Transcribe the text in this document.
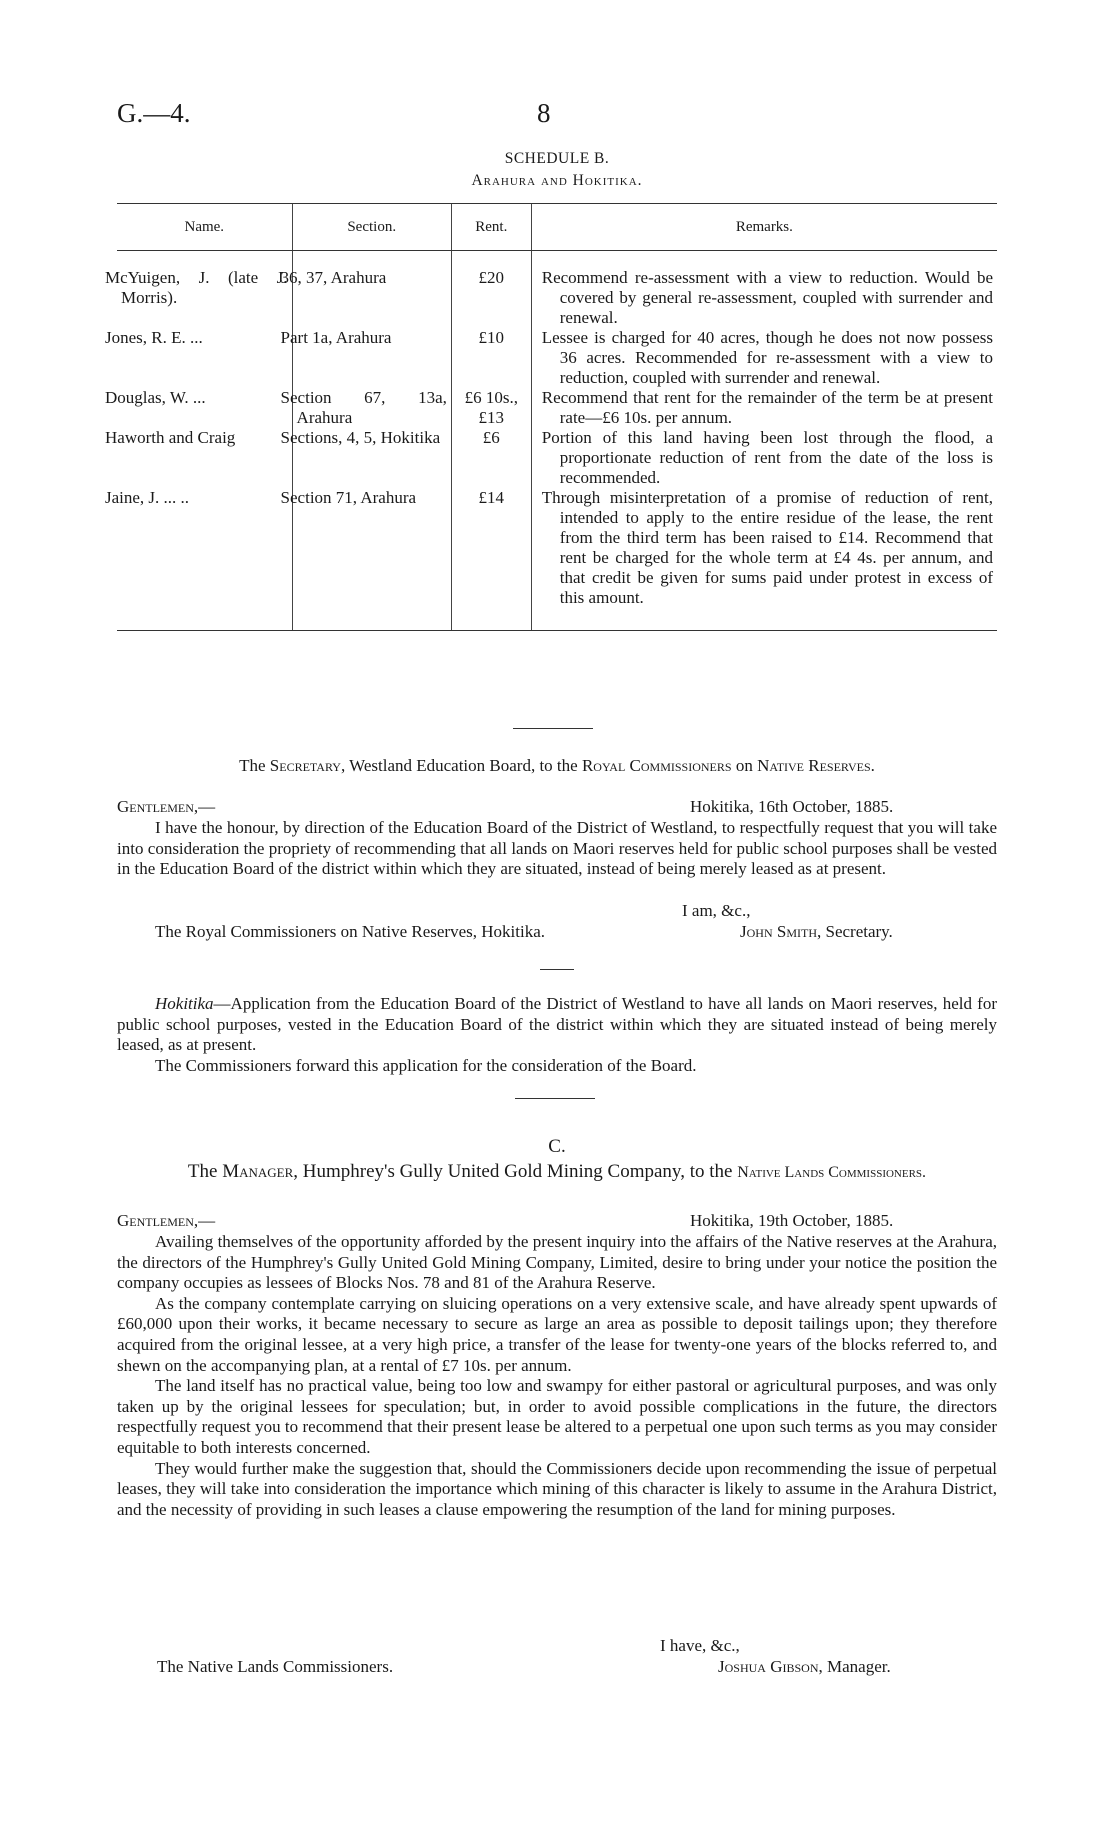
G.—4.	8
SCHEDULE B.
Arahura and Hokitika.
Name.	Section.	Rent.	Remarks.
McYuigen, J. (late J. Morris).	36, 37, Arahura	£20	Recommend re-assessment with a view to reduction. Would be covered by general re-assessment, coupled with surrender and renewal.
Jones, R. E. ...	Part 1a, Arahura	£10	Lessee is charged for 40 acres, though he does not now possess 36 acres. Recommended for re-assessment with a view to reduction, coupled with surrender and renewal.
Douglas, W. ...	Section 67, 13a, Arahura	£6 10s., £13	Recommend that rent for the remainder of the term be at present rate—£6 10s. per annum.
Haworth and Craig	Sections, 4, 5, Hokitika	£6	Portion of this land having been lost through the flood, a proportionate reduction of rent from the date of the loss is recommended.
Jaine, J. ... ..	Section 71, Arahura	£14	Through misinterpretation of a promise of reduction of rent, intended to apply to the entire residue of the lease, the rent from the third term has been raised to £14. Recommend that rent be charged for the whole term at £4 4s. per annum, and that credit be given for sums paid under protest in excess of this amount.
The Secretary, Westland Education Board, to the Royal Commissioners on Native Reserves.
Gentlemen,—	Hokitika, 16th October, 1885.

I have the honour, by direction of the Education Board of the District of Westland, to respectfully request that you will take into consideration the propriety of recommending that all lands on Maori reserves held for public school purposes shall be vested in the Education Board of the district within which they are situated, instead of being merely leased as at present.

I am, &c.,
The Royal Commissioners on Native Reserves, Hokitika.	John Smith, Secretary.

Hokitika—Application from the Education Board of the District of Westland to have all lands on Maori reserves, held for public school purposes, vested in the Education Board of the district within which they are situated instead of being merely leased, as at present.

The Commissioners forward this application for the consideration of the Board.

C.
The Manager, Humphrey's Gully United Gold Mining Company, to the Native Lands Commissioners.
Gentlemen,—	Hokitika, 19th October, 1885.

Availing themselves of the opportunity afforded by the present inquiry into the affairs of the Native reserves at the Arahura, the directors of the Humphrey's Gully United Gold Mining Company, Limited, desire to bring under your notice the position the company occupies as lessees of Blocks Nos. 78 and 81 of the Arahura Reserve.

As the company contemplate carrying on sluicing operations on a very extensive scale, and have already spent upwards of £60,000 upon their works, it became necessary to secure as large an area as possible to deposit tailings upon; they therefore acquired from the original lessee, at a very high price, a transfer of the lease for twenty-one years of the blocks referred to, and shewn on the accompanying plan, at a rental of £7 10s. per annum.

The land itself has no practical value, being too low and swampy for either pastoral or agricultural purposes, and was only taken up by the original lessees for speculation; but, in order to avoid possible complications in the future, the directors respectfully request you to recommend that their present lease be altered to a perpetual one upon such terms as you may consider equitable to both interests concerned.

They would further make the suggestion that, should the Commissioners decide upon recommending the issue of perpetual leases, they will take into consideration the importance which mining of this character is likely to assume in the Arahura District, and the necessity of providing in such leases a clause empowering the resumption of the land for mining purposes.

I have, &c.,
The Native Lands Commissioners.	Joshua Gibson, Manager.
